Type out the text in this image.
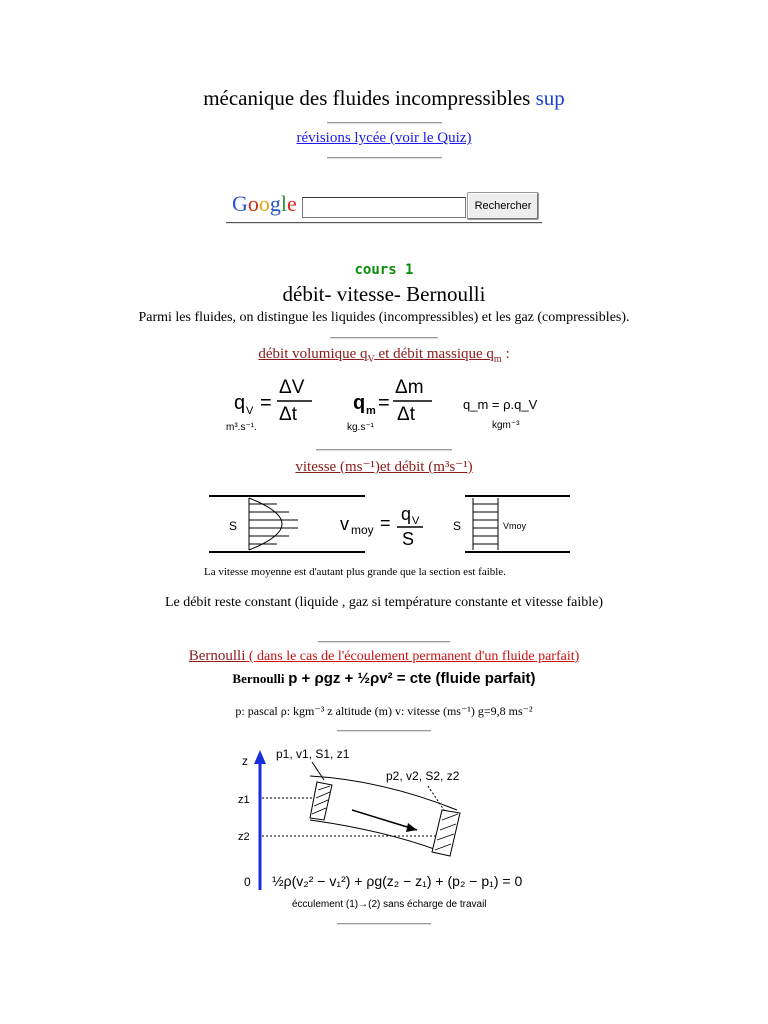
mécanique des fluides incompressibles sup
révisions lycée (voir le Quiz)
Google	Rechercher
cours 1
débit- vitesse- Bernoulli
Parmi les fluides, on distingue les liquides (incompressibles) et les gaz (compressibles).
débit volumique $q_V$ et débit massique $q_m$ :
q V =
ΔV
Δt
m³.s⁻¹.
q m =
Δm
Δt
kg.s⁻¹
q_m = ρ.q_V
kgm⁻³
vitesse (ms⁻¹)et débit (m³s⁻¹)
S	v moy = q V
S
S	Vmoy
La vitesse moyenne est d'autant plus grande que la section est faible.
Le débit reste constant (liquide , gaz si température constante et vitesse faible)
Bernoulli ( dans le cas de l'écoulement permanent d'un fluide parfait)
Bernoulli p + ρgz + ½ρv² = cte (fluide parfait)
p: pascal ρ: kgm⁻³ z altitude (m) v: vitesse (ms⁻¹) g=9,8 ms⁻²
z
z1
z2
0
p1, v1, S1, z1
p2, v2, S2, z2
½ρ(v₂² − v₁²) + ρg(z₂ − z₁) + (p₂ − p₁) = 0
écculement (1)→(2) sans écharge de travail
